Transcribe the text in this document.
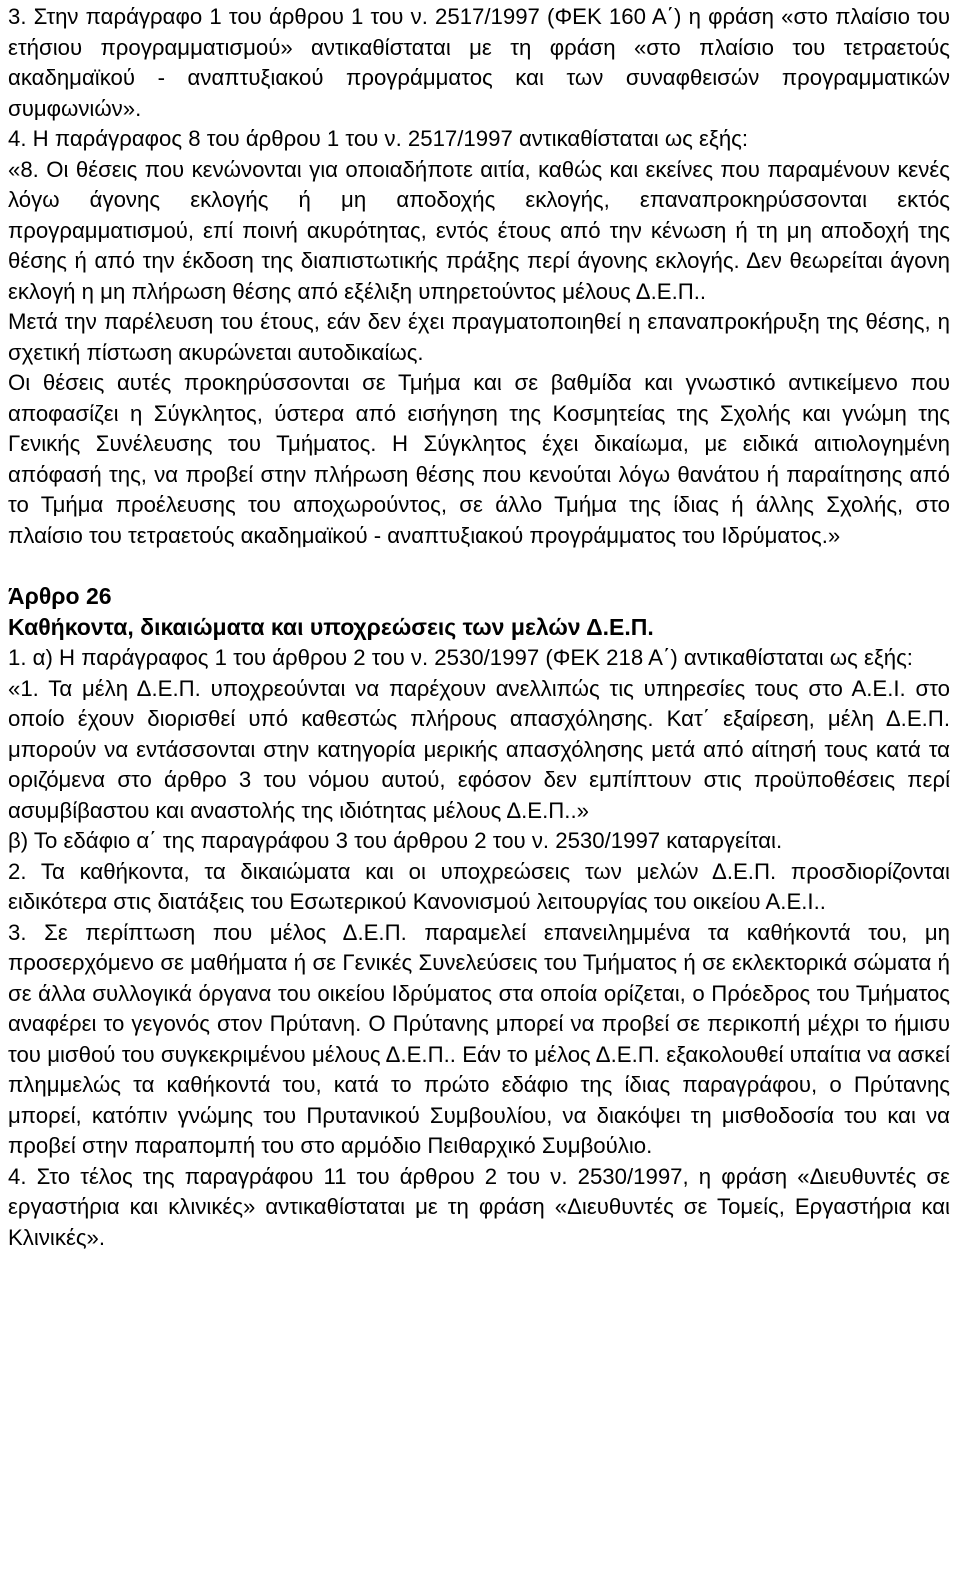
3. Στην παράγραφο 1 του άρθρου 1 του ν. 2517/1997 (ΦΕΚ 160 Α΄) η φράση «στο πλαίσιο του ετήσιου προγραμματισμού» αντικαθίσταται με τη φράση «στο πλαίσιο του τετραετούς ακαδημαϊκού - αναπτυξιακού προγράμματος και των συναφθεισών προγραμματικών συμφωνιών».

4. Η παράγραφος 8 του άρθρου 1 του ν. 2517/1997 αντικαθίσταται ως εξής:

«8. Οι θέσεις που κενώνονται για οποιαδήποτε αιτία, καθώς και εκείνες που παραμένουν κενές λόγω άγονης εκλογής ή μη αποδοχής εκλογής, επαναπροκηρύσσονται εκτός προγραμματισμού, επί ποινή ακυρότητας, εντός έτους από την κένωση ή τη μη αποδοχή της θέσης ή από την έκδοση της διαπιστωτικής πράξης περί άγονης εκλογής. Δεν θεωρείται άγονη εκλογή η μη πλήρωση θέσης από εξέλιξη υπηρετούντος μέλους Δ.Ε.Π..

Μετά την παρέλευση του έτους, εάν δεν έχει πραγματοποιηθεί η επαναπροκήρυξη της θέσης, η σχετική πίστωση ακυρώνεται αυτοδικαίως.

Οι θέσεις αυτές προκηρύσσονται σε Τμήμα και σε βαθμίδα και γνωστικό αντικείμενο που αποφασίζει η Σύγκλητος, ύστερα από εισήγηση της Κοσμητείας της Σχολής και γνώμη της Γενικής Συνέλευσης του Τμήματος. Η Σύγκλητος έχει δικαίωμα, με ειδικά αιτιολογημένη απόφασή της, να προβεί στην πλήρωση θέσης που κενούται λόγω θανάτου ή παραίτησης από το Τμήμα προέλευσης του αποχωρούντος, σε άλλο Τμήμα της ίδιας ή άλλης Σχολής, στο πλαίσιο του τετραετούς ακαδημαϊκού - αναπτυξιακού προγράμματος του Ιδρύματος.»

Άρθρο 26

Καθήκοντα, δικαιώματα και υποχρεώσεις των μελών Δ.Ε.Π.

1. α) Η παράγραφος 1 του άρθρου 2 του ν. 2530/1997 (ΦΕΚ 218 Α΄) αντικαθίσταται ως εξής:

«1. Τα μέλη Δ.Ε.Π. υποχρεούνται να παρέχουν ανελλιπώς τις υπηρεσίες τους στο Α.Ε.Ι. στο οποίο έχουν διορισθεί υπό καθεστώς πλήρους απασχόλησης. Κατ΄ εξαίρεση, μέλη Δ.Ε.Π. μπορούν να εντάσσονται στην κατηγορία μερικής απασχόλησης μετά από αίτησή τους κατά τα οριζόμενα στο άρθρο 3 του νόμου αυτού, εφόσον δεν εμπίπτουν στις προϋποθέσεις περί ασυμβίβαστου και αναστολής της ιδιότητας μέλους Δ.Ε.Π..»

β) Το εδάφιο α΄ της παραγράφου 3 του άρθρου 2 του ν. 2530/1997 καταργείται.

2. Τα καθήκοντα, τα δικαιώματα και οι υποχρεώσεις των μελών Δ.Ε.Π. προσδιορίζονται ειδικότερα στις διατάξεις του Εσωτερικού Κανονισμού λειτουργίας του οικείου Α.Ε.Ι..

3. Σε περίπτωση που μέλος Δ.Ε.Π. παραμελεί επανειλημμένα τα καθήκοντά του, μη προσερχόμενο σε μαθήματα ή σε Γενικές Συνελεύσεις του Τμήματος ή σε εκλεκτορικά σώματα ή σε άλλα συλλογικά όργανα του οικείου Ιδρύματος στα οποία ορίζεται, ο Πρόεδρος του Τμήματος αναφέρει το γεγονός στον Πρύτανη. Ο Πρύτανης μπορεί να προβεί σε περικοπή μέχρι το ήμισυ του μισθού του συγκεκριμένου μέλους Δ.Ε.Π.. Εάν το μέλος Δ.Ε.Π. εξακολουθεί υπαίτια να ασκεί πλημμελώς τα καθήκοντά του, κατά το πρώτο εδάφιο της ίδιας παραγράφου, ο Πρύτανης μπορεί, κατόπιν γνώμης του Πρυτανικού Συμβουλίου, να διακόψει τη μισθοδοσία του και να προβεί στην παραπομπή του στο αρμόδιο Πειθαρχικό Συμβούλιο.

4. Στο τέλος της παραγράφου 11 του άρθρου 2 του ν. 2530/1997, η φράση «Διευθυντές σε εργαστήρια και κλινικές» αντικαθίσταται με τη φράση «Διευθυντές σε Τομείς, Εργαστήρια και Κλινικές».
